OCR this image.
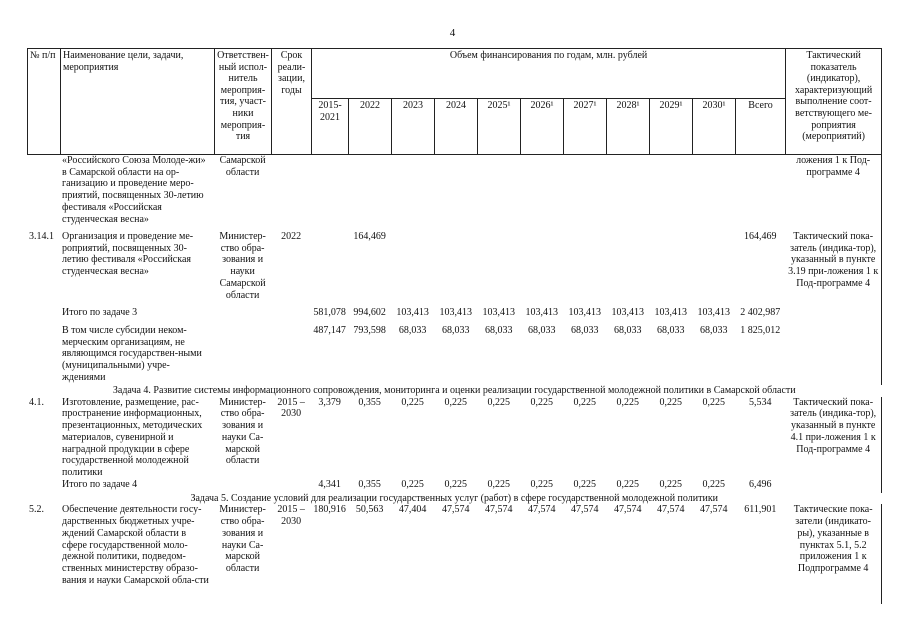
4
№ п/п	Наименование цели, задачи, мероприятия	Ответствен-ный испол-нитель мероприя-тия, участ-ники мероприя-тия	Срок реали-зации, годы	Объем финансирования по годам, млн. рублей											Тактический показатель (индикатор), характеризующий выполнение соот-ветствующего ме-роприятия (мероприятий)
				2015-2021	2022	2023	2024	2025¹	2026¹	2027¹	2028¹	2029¹	2030¹	Всего	
	«Российского Союза Молоде-жи» в Самарской области на ор-ганизацию и проведение меро-приятий, посвященных 30-летию фестиваля «Российская студенческая весна»	Самарской области													ложения 1 к Под-программе 4
3.14.1	Организация и проведение ме-роприятий, посвященных 30-летию фестиваля «Российская студенческая весна»	Министер-ство обра-зования и науки Самарской области	2022		164,469									164,469	Тактический пока-затель (индика-тор), указанный в пункте 3.19 при-ложения 1 к Под-программе 4
	Итого по задаче 3			581,078	994,602	103,413	103,413	103,413	103,413	103,413	103,413	103,413	103,413	2 402,987	
	В том числе субсидии неком-мерческим организациям, не являющимся государствен-ными (муниципальными) учре-ждениями			487,147	793,598	68,033	68,033	68,033	68,033	68,033	68,033	68,033	68,033	1 825,012	
Задача 4. Развитие системы информационного сопровождения, мониторинга и оценки реализации государственной молодежной политики в Самарской области															
4.1.	Изготовление, размещение, рас-пространение информационных, презентационных, методических материалов, сувенирной и наградной продукции в сфере государственной молодежной политики	Министер-ство обра-зования и науки Са-марской области	2015 – 2030	3,379	0,355	0,225	0,225	0,225	0,225	0,225	0,225	0,225	0,225	5,534	Тактический пока-затель (индика-тор), указанный в пункте 4.1 при-ложения 1 к Под-программе 4
	Итого по задаче 4			4,341	0,355	0,225	0,225	0,225	0,225	0,225	0,225	0,225	0,225	6,496	
Задача 5. Создание условий для реализации государственных услуг (работ) в сфере государственной молодежной политики															
5.2.	Обеспечение деятельности госу-дарственных бюджетных учре-ждений Самарской области в сфере государственной моло-дежной политики, подведом-ственных министерству образо-вания и науки Самарской обла-сти	Министер-ство обра-зования и науки Са-марской области	2015 – 2030	180,916	50,563	47,404	47,574	47,574	47,574	47,574	47,574	47,574	47,574	611,901	Тактические пока-затели (индикато-ры), указанные в пунктах 5.1, 5.2 приложения 1 к Подпрограмме 4
